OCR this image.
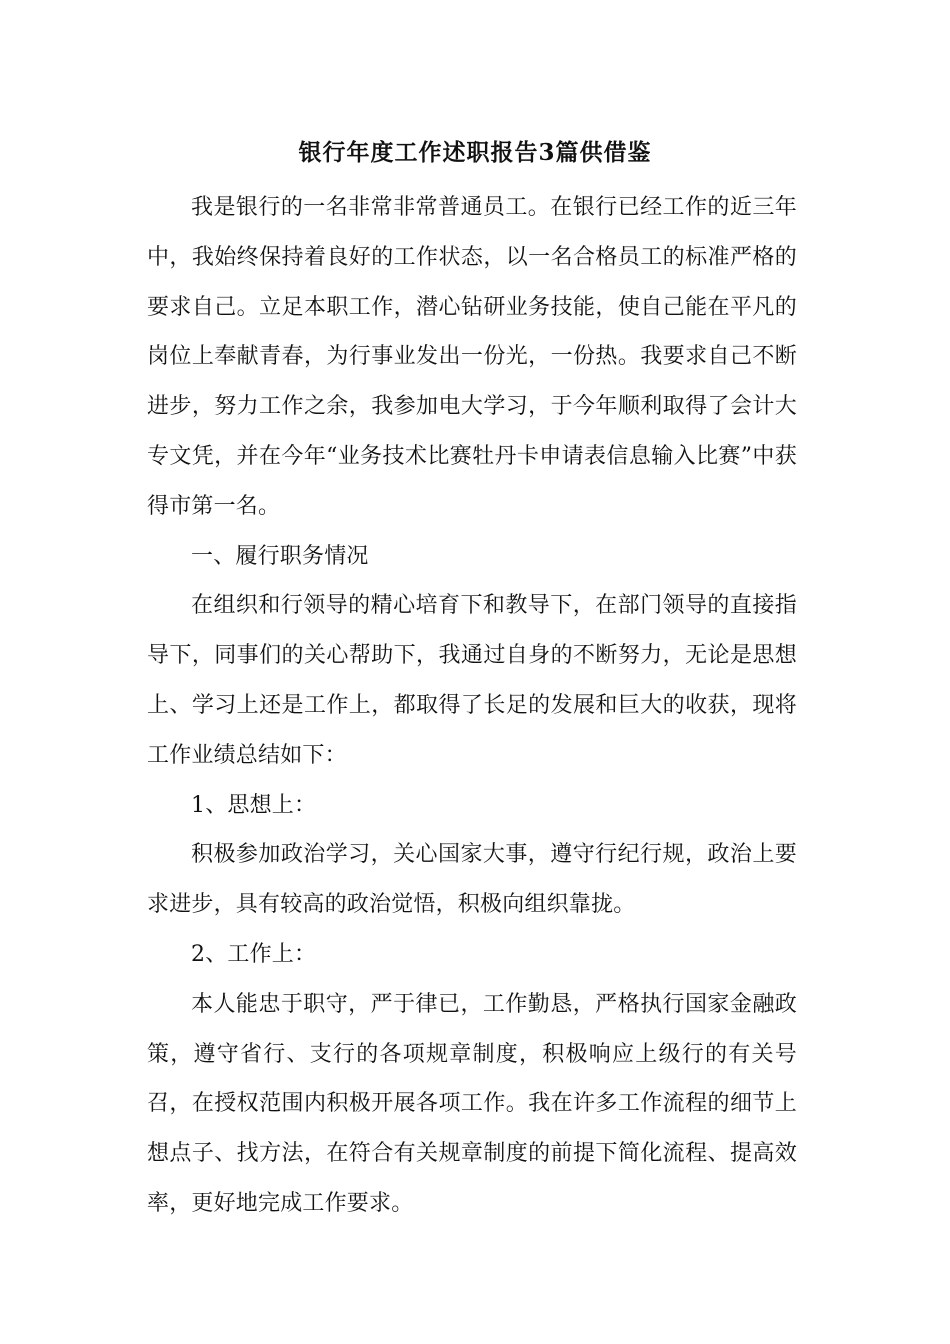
银行年度工作述职报告3篇供借鉴

我是银行的一名非常非常普通员工。在银行已经工作的近三年中，我始终保持着良好的工作状态，以一名合格员工的标准严格的要求自己。立足本职工作，潜心钻研业务技能，使自己能在平凡的岗位上奉献青春，为行事业发出一份光，一份热。我要求自己不断进步，努力工作之余，我参加电大学习，于今年顺利取得了会计大专文凭，并在今年“业务技术比赛牡丹卡申请表信息输入比赛”中获得市第一名。

一、履行职务情况

在组织和行领导的精心培育下和教导下，在部门领导的直接指导下，同事们的关心帮助下，我通过自身的不断努力，无论是思想上、学习上还是工作上，都取得了长足的发展和巨大的收获，现将工作业绩总结如下：

1、思想上：

积极参加政治学习，关心国家大事，遵守行纪行规，政治上要求进步，具有较高的政治觉悟，积极向组织靠拢。

2、工作上：

本人能忠于职守，严于律已，工作勤恳，严格执行国家金融政策，遵守省行、支行的各项规章制度，积极响应上级行的有关号召，在授权范围内积极开展各项工作。我在许多工作流程的细节上想点子、找方法，在符合有关规章制度的前提下简化流程、提高效率，更好地完成工作要求。
